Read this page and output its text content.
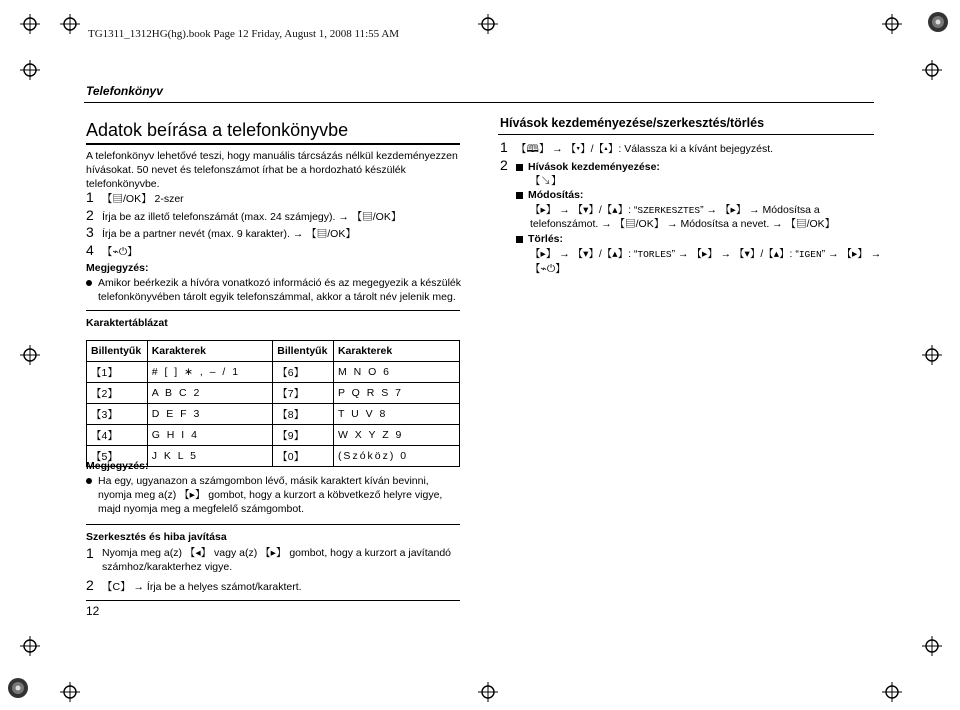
TG1311_1312HG(hg).book Page 12 Friday, August 1, 2008 11:55 AM
Telefonkönyv
Adatok beírása a telefonkönyvbe
A telefonkönyv lehetővé teszi, hogy manuális tárcsázás nélkül kezdeményezzen hívásokat. 50 nevet és telefonszámot írhat be a hordozható készülék telefonkönyvbe.
1 【▤/OK】 2-szer
2 Írja be az illető telefonszámát (max. 24 számjegy). → 【▤/OK】
3 Írja be a partner nevét (max. 9 karakter). → 【▤/OK】
4 【⌁⏻】
Megjegyzés:
Amikor beérkezik a hívóra vonatkozó információ és az megegyezik a készülék telefonkönyvében tárolt egyik telefonszámmal, akkor a tárolt név jelenik meg.
Karaktertáblázat
Billentyűk	Karakterek	Billentyűk	Karakterek
【1】	# [ ] ∗ , – / 1	【6】	M N O 6
【2】	A B C 2	【7】	P Q R S 7
【3】	D E F 3	【8】	T U V 8
【4】	G H I 4	【9】	W X Y Z 9
【5】	J K L 5	【0】	(Szóköz) 0
Megjegyzés:
Ha egy, ugyanazon a számgombon lévő, másik karaktert kíván bevinni, nyomja meg a(z) 【▸】 gombot, hogy a kurzort a köbvetkező helyre vigye, majd nyomja meg a megfelelő számgombot.
Szerkesztés és hiba javítása
1 Nyomja meg a(z) 【◂】 vagy a(z) 【▸】 gombot, hogy a kurzort a javítandó számhoz/karakterhez vigye.
2 【C】 → Írja be a helyes számot/karaktert.
12
Hívások kezdeményezése/szerkesztés/törlés
1 【🕮】 → 【▾】/【▴】: Válassza ki a kívánt bejegyzést.
2 Hívások kezdeményezése:
【↘】
Módosítás:
【▸】 → 【▾】/【▴】: “SZERKESZTES” → 【▸】 → Módosítsa a
telefonszámot. → 【▤/OK】 → Módosítsa a nevet. → 【▤/OK】
Törlés:
【▸】 → 【▾】/【▴】: “TORLES” → 【▸】 → 【▾】/【▴】: “IGEN” → 【▸】 →
【⌁⏻】
